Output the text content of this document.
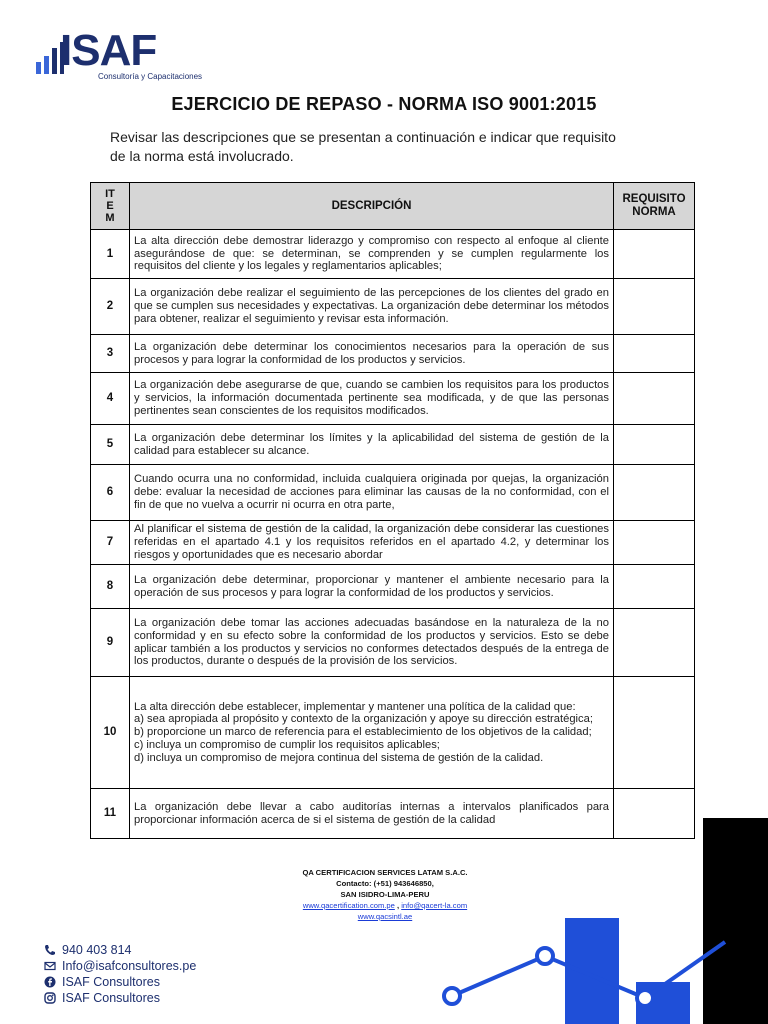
ISAF
Consultoría y Capacitaciones
EJERCICIO DE REPASO - NORMA ISO 9001:2015
Revisar las descripciones que se presentan a continuación e indicar que requisito de la norma está involucrado.
ITEM	DESCRIPCIÓN	REQUISITO NORMA
1	La alta dirección debe demostrar liderazgo y compromiso con respecto al enfoque al cliente asegurándose de que: se determinan, se comprenden y se cumplen regularmente los requisitos del cliente y los legales y reglamentarios aplicables;	

2	La organización debe realizar el seguimiento de las percepciones de los clientes del grado en que se cumplen sus necesidades y expectativas. La organización debe determinar los métodos para obtener, realizar el seguimiento y revisar esta información.	

3	La organización debe determinar los conocimientos necesarios para la operación de sus procesos y para lograr la conformidad de los productos y servicios.	

4	La organización debe asegurarse de que, cuando se cambien los requisitos para los productos y servicios, la información documentada pertinente sea modificada, y de que las personas pertinentes sean conscientes de los requisitos modificados.	

5	La organización debe determinar los límites y la aplicabilidad del sistema de gestión de la calidad para establecer su alcance.	

6	Cuando ocurra una no conformidad, incluida cualquiera originada por quejas, la organización debe: evaluar la necesidad de acciones para eliminar las causas de la no conformidad, con el fin de que no vuelva a ocurrir ni ocurra en otra parte,	

7	Al planificar el sistema de gestión de la calidad, la organización debe considerar las cuestiones referidas en el apartado 4.1 y los requisitos referidos en el apartado 4.2, y determinar los riesgos y oportunidades que es necesario abordar	

8	La organización debe determinar, proporcionar y mantener el ambiente necesario para la operación de sus procesos y para lograr la conformidad de los productos y servicios.	

9	La organización debe tomar las acciones adecuadas basándose en la naturaleza de la no conformidad y en su efecto sobre la conformidad de los productos y servicios. Esto se debe aplicar también a los productos y servicios no conformes detectados después de la entrega de los productos, durante o después de la provisión de los servicios.	

10	La alta dirección debe establecer, implementar y mantener una política de la calidad que:
a) sea apropiada al propósito y contexto de la organización y apoye su dirección estratégica;
b) proporcione un marco de referencia para el establecimiento de los objetivos de la calidad;
c) incluya un compromiso de cumplir los requisitos aplicables;
d) incluya un compromiso de mejora continua del sistema de gestión de la calidad.	

11	La organización debe llevar a cabo auditorías internas a intervalos planificados para proporcionar información acerca de si el sistema de gestión de la calidad	

QA CERTIFICACION SERVICES LATAM S.A.C.
Contacto: (+51) 943646850,
SAN ISIDRO-LIMA-PERU
www.qacertification.com.pe , info@qacert-la.com
www.qacsintl.ae
940 403 814
Info@isafconsultores.pe
ISAF Consultores
ISAF Consultores
